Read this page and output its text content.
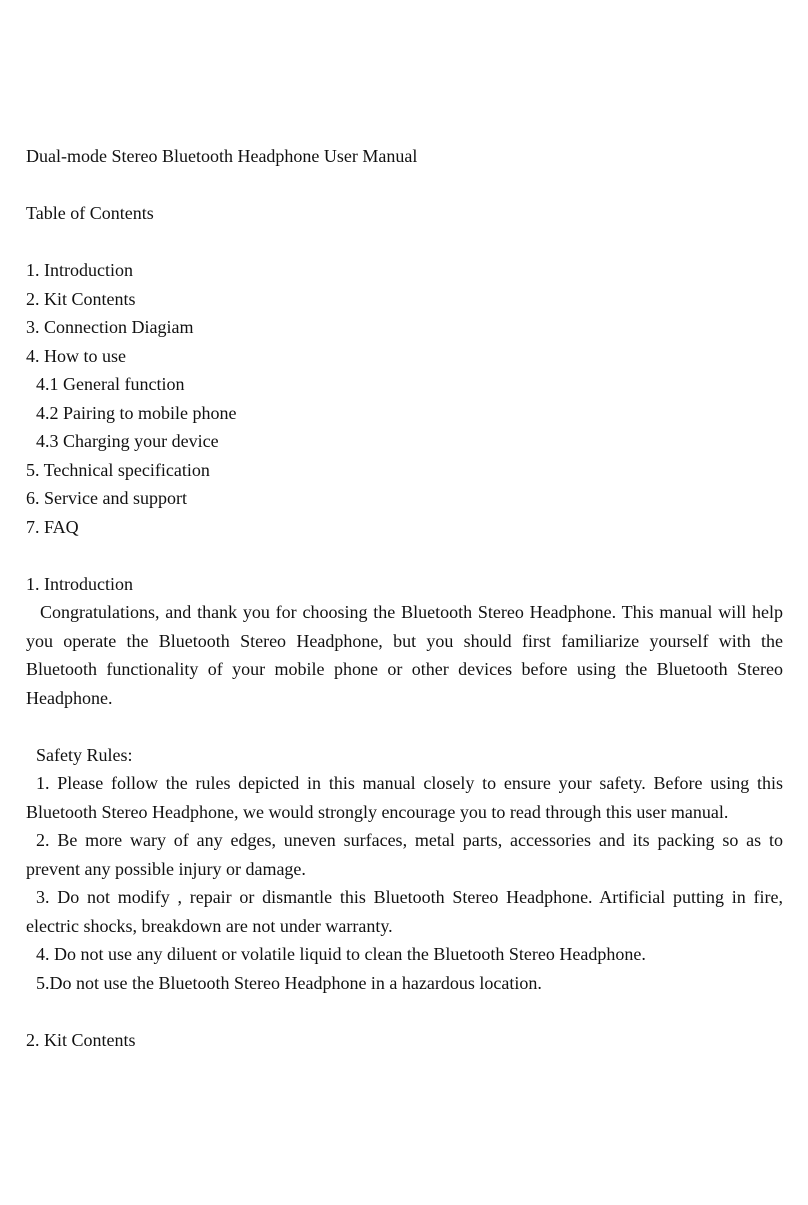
Dual-mode Stereo Bluetooth Headphone User Manual
Table of Contents
1. Introduction
2. Kit Contents
3. Connection Diagiam
4. How to use
4.1 General function
4.2 Pairing to mobile phone
4.3 Charging your device
5. Technical specification
6. Service and support
7. FAQ
1. Introduction
Congratulations, and thank you for choosing the Bluetooth Stereo Headphone. This manual will help you operate the Bluetooth Stereo Headphone, but you should first familiarize yourself with the Bluetooth functionality of your mobile phone or other devices before using the Bluetooth Stereo Headphone.
Safety Rules:
1. Please follow the rules depicted in this manual closely to ensure your safety. Before using this Bluetooth Stereo Headphone, we would strongly encourage you to read through this user manual.
2. Be more wary of any edges, uneven surfaces, metal parts, accessories and its packing so as to prevent any possible injury or damage.
3. Do not modify , repair or dismantle this Bluetooth Stereo Headphone. Artificial putting in fire, electric shocks, breakdown are not under warranty.
4. Do not use any diluent or volatile liquid to clean the Bluetooth Stereo Headphone.
5.Do not use the Bluetooth Stereo Headphone in a hazardous location.
2. Kit Contents
